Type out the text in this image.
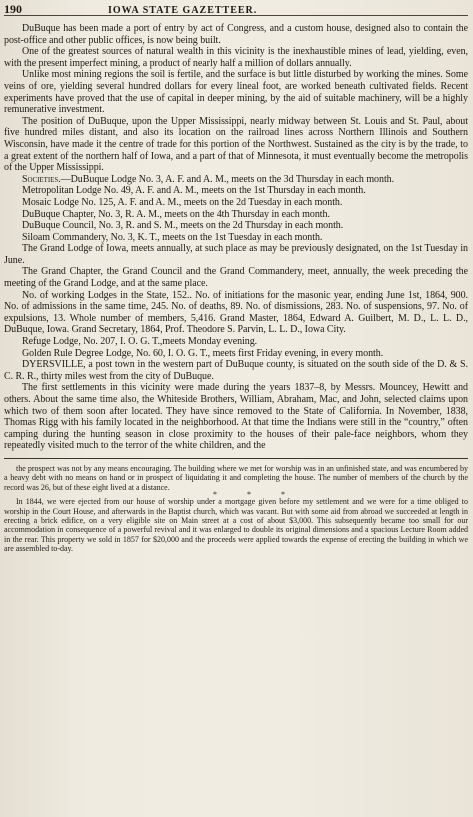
190	IOWA STATE GAZETTEER.

DuBuque has been made a port of entry by act of Congress, and a custom house, designed also to contain the post-office and other public offices, is now being built.

One of the greatest sources of natural wealth in this vicinity is the inexhaustible mines of lead, yielding, even, with the present imperfect mining, a product of nearly half a million of dollars annually.

Unlike most mining regions the soil is fertile, and the surface is but little disturbed by working the mines. Some veins of ore, yielding several hundred dollars for every lineal foot, are worked beneath cultivated fields. Recent experiments have proved that the use of capital in deeper mining, by the aid of suitable machinery, will be a highly remunerative investment.

The position of DuBuque, upon the Upper Mississippi, nearly midway between St. Louis and St. Paul, about five hundred miles distant, and also its location on the railroad lines across Northern Illinois and Southern Wisconsin, have made it the centre of trade for this portion of the Northwest. Sustained as the city is by the trade, to a great extent of the northern half of Iowa, and a part of that of Minnesota, it must eventually become the metropolis of the Upper Mississippi.

Societies.—DuBuque Lodge No. 3, A. F. and A. M., meets on the 3d Thursday in each month.

Metropolitan Lodge No. 49, A. F. and A. M., meets on the 1st Thursday in each month.

Mosaic Lodge No. 125, A. F. and A. M., meets on the 2d Tuesday in each month.

DuBuque Chapter, No. 3, R. A. M., meets on the 4th Thursday in each month.

DuBuque Council, No. 3, R. and S. M., meets on the 2d Thursday in each month.

Siloam Commandery, No. 3, K. T., meets on the 1st Tuesday in each month.

The Grand Lodge of Iowa, meets annually, at such place as may be previously designated, on the 1st Tuesday in June.

The Grand Chapter, the Grand Council and the Grand Commandery, meet, annually, the week preceding the meeting of the Grand Lodge, and at the same place.

No. of working Lodges in the State, 152.. No. of initiations for the masonic year, ending June 1st, 1864, 900. No. of admissions in the same time, 245. No. of deaths, 89. No. of dismissions, 283. No. of suspensions, 97. No. of expulsions, 13. Whole number of members, 5,416. Grand Master, 1864, Edward A. Guilbert, M. D., L. L. D., DuBuque, Iowa. Grand Secretary, 1864, Prof. Theodore S. Parvin, L. L. D., Iowa City.

Refuge Lodge, No. 207, I. O. G. T.,meets Monday evening.

Golden Rule Degree Lodge, No. 60, I. O. G. T., meets first Friday evening, in every month.

DYERSVILLE, a post town in the western part of DuBuque county, is situated on the south side of the D. & S. C. R. R., thirty miles west from the city of DuBuque.

The first settlements in this vicinity were made during the years 1837–8, by Messrs. Mouncey, Hewitt and others. About the same time also, the Whiteside Brothers, William, Abraham, Mac, and John, selected claims upon which two of them soon after located. They have since removed to the State of California. In November, 1838, Thomas Rigg with his family located in the neighborhood. At that time the Indians were still in the “country,” often camping during the hunting season in close proximity to the houses of their pale-face neighbors, whom they repeatedly visited much to the terror of the white children, and the

the prospect was not by any means encouraging. The building where we met for worship was in an unfinished state, and was encumbered by a heavy debt with no means on hand or in prospect of liquidating it and completing the house. The number of members of the church by the record was 26, but of these eight lived at a distance.

* * *

In 1844, we were ejected from our house of worship under a mortgage given before my settlement and we were for a time obliged to worship in the Court House, and afterwards in the Baptist church, which was vacant. But with some aid from abroad we succeeded at length in erecting a brick edifice, on a very eligible site on Main street at a cost of about $3,000. This subsequently became too small for our accommodation in consequence of a powerful revival and it was enlarged to double its original dimensions and a spacious Lecture Room added in the rear. This property we sold in 1857 for $20,000 and the proceeds were applied towards the expense of erecting the building in which we are assembled to-day.
